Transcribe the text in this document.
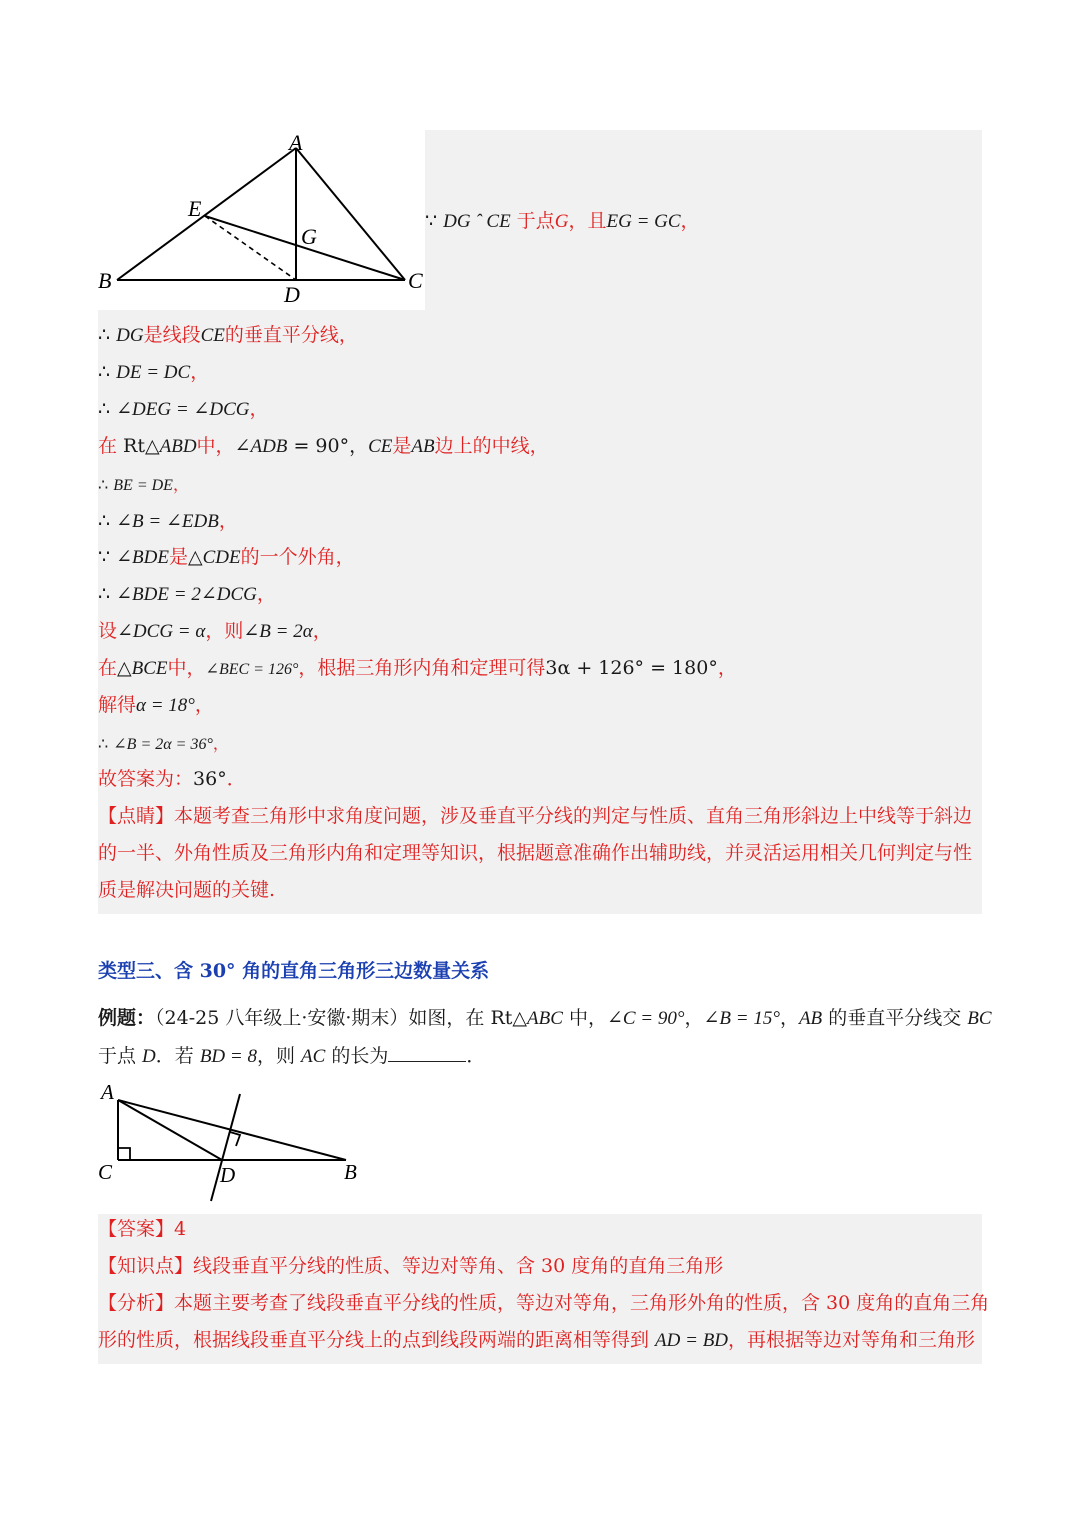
A
E
G
B
D
C
∵ DG ˆ CE 于点G，且EG = GC，
∴ DG是线段CE的垂直平分线，
∴ DE = DC，
∴ ∠DEG = ∠DCG，
在 Rt△ABD中，∠ADB = 90°，CE是AB边上的中线，
∴ BE = DE，
∴ ∠B = ∠EDB，
∵ ∠BDE是△CDE的一个外角，
∴ ∠BDE = 2∠DCG，
设∠DCG = α，则∠B = 2α，
在△BCE中，∠BEC = 126°，根据三角形内角和定理可得3α + 126° = 180°，
解得α = 18°，
∴ ∠B = 2α = 36°，
故答案为：36°．
【点睛】本题考查三角形中求角度问题，涉及垂直平分线的判定与性质、直角三角形斜边上中线等于斜边
的一半、外角性质及三角形内角和定理等知识，根据题意准确作出辅助线，并灵活运用相关几何判定与性
质是解决问题的关键.
类型三、含 30° 角的直角三角形三边数量关系
例题：（24-25 八年级上·安徽·期末）如图，在 Rt△ABC 中，∠C = 90°，∠B = 15°，AB 的垂直平分线交 BC
于点 D．若 BD = 8，则 AC 的长为	．
A
C	D	B
【答案】4
【知识点】线段垂直平分线的性质、等边对等角、含 30 度角的直角三角形
【分析】本题主要考查了线段垂直平分线的性质，等边对等角，三角形外角的性质，含 30 度角的直角三角
形的性质，根据线段垂直平分线上的点到线段两端的距离相等得到 AD = BD，再根据等边对等角和三角形
